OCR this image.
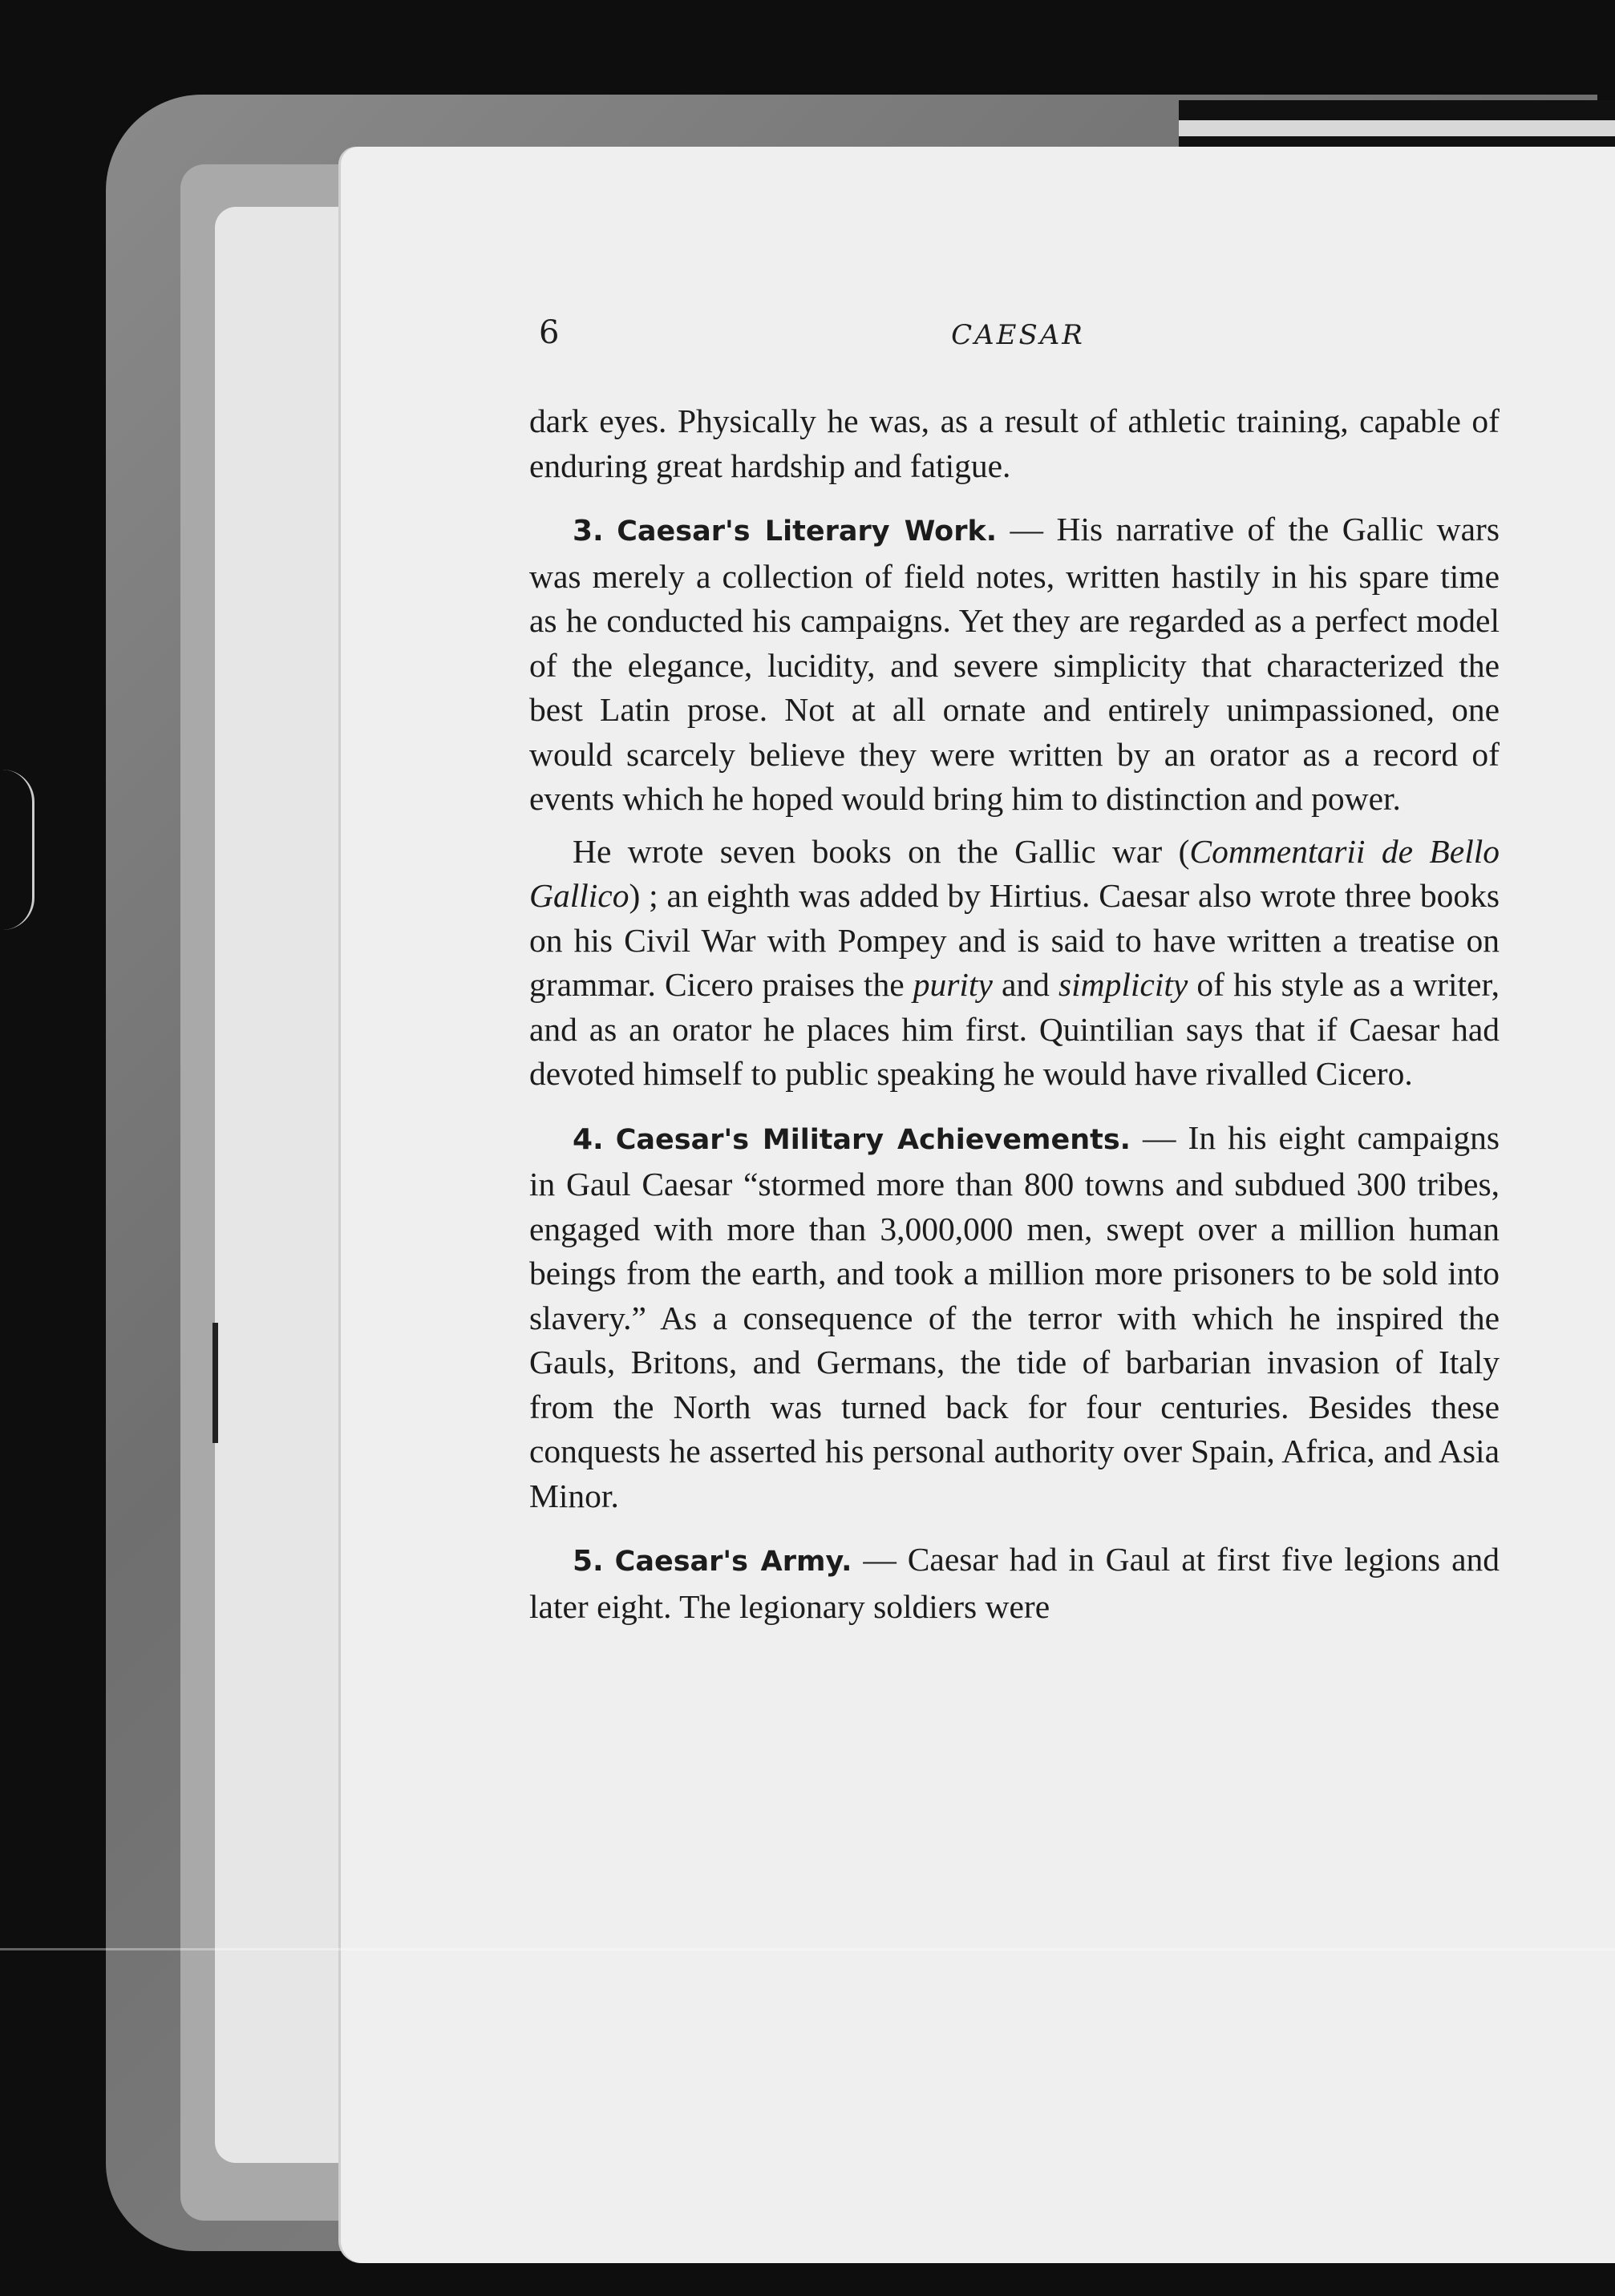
6	CAESAR

dark eyes. Physically he was, as a result of athletic training, capable of enduring great hardship and fatigue.

3. Caesar's Literary Work. — His narrative of the Gallic wars was merely a collection of field notes, written hastily in his spare time as he conducted his campaigns. Yet they are regarded as a perfect model of the elegance, lucidity, and severe simplicity that characterized the best Latin prose. Not at all ornate and entirely unimpassioned, one would scarcely believe they were written by an orator as a record of events which he hoped would bring him to distinction and power.

He wrote seven books on the Gallic war (Commentarii de Bello Gallico) ; an eighth was added by Hirtius. Caesar also wrote three books on his Civil War with Pompey and is said to have written a treatise on grammar. Cicero praises the purity and simplicity of his style as a writer, and as an orator he places him first. Quintilian says that if Caesar had devoted himself to public speaking he would have rivalled Cicero.

4. Caesar's Military Achievements. — In his eight campaigns in Gaul Caesar “stormed more than 800 towns and subdued 300 tribes, engaged with more than 3,000,000 men, swept over a million human beings from the earth, and took a million more prisoners to be sold into slavery.” As a consequence of the terror with which he inspired the Gauls, Britons, and Germans, the tide of barbarian invasion of Italy from the North was turned back for four centuries. Besides these conquests he asserted his personal authority over Spain, Africa, and Asia Minor.

5. Caesar's Army. — Caesar had in Gaul at first five legions and later eight. The legionary soldiers were
